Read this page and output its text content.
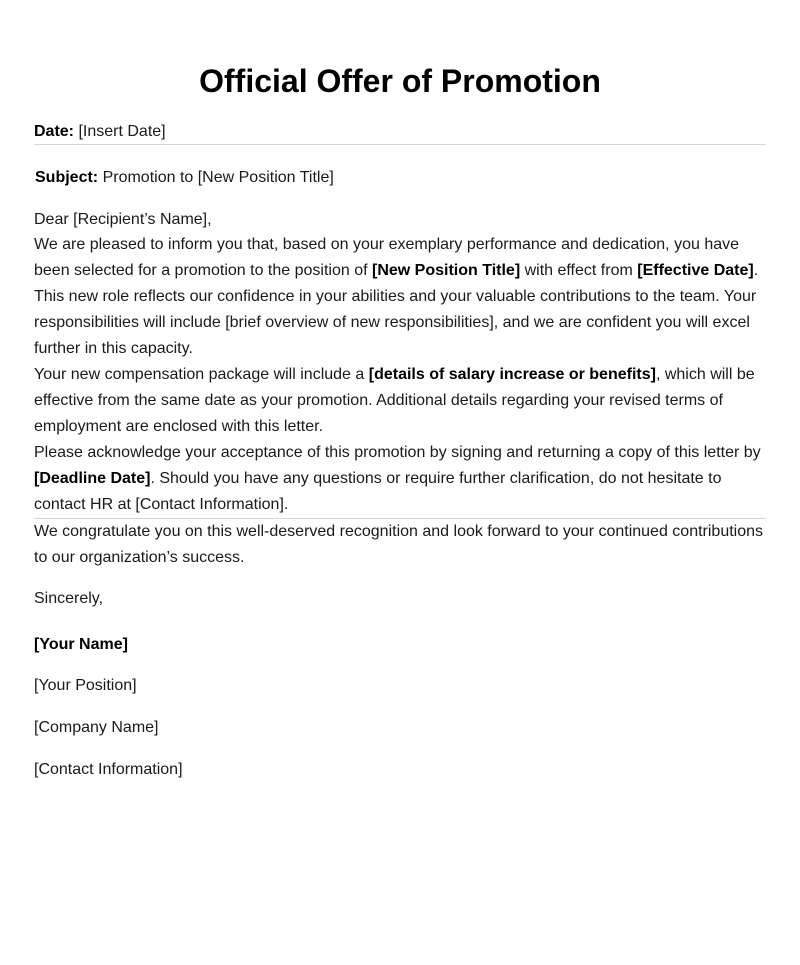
Official Offer of Promotion
Date: [Insert Date]
Subject: Promotion to [New Position Title]
Dear [Recipient’s Name],

We are pleased to inform you that, based on your exemplary performance and dedication, you have been selected for a promotion to the position of [New Position Title] with effect from [Effective Date].

This new role reflects our confidence in your abilities and your valuable contributions to the team. Your responsibilities will include [brief overview of new responsibilities], and we are confident you will excel further in this capacity.

Your new compensation package will include a [details of salary increase or benefits], which will be effective from the same date as your promotion. Additional details regarding your revised terms of employment are enclosed with this letter.

Please acknowledge your acceptance of this promotion by signing and returning a copy of this letter by [Deadline Date]. Should you have any questions or require further clarification, do not hesitate to contact HR at [Contact Information].

We congratulate you on this well-deserved recognition and look forward to your continued contributions to our organization’s success.

Sincerely,
[Your Name]
[Your Position]
[Company Name]
[Contact Information]
